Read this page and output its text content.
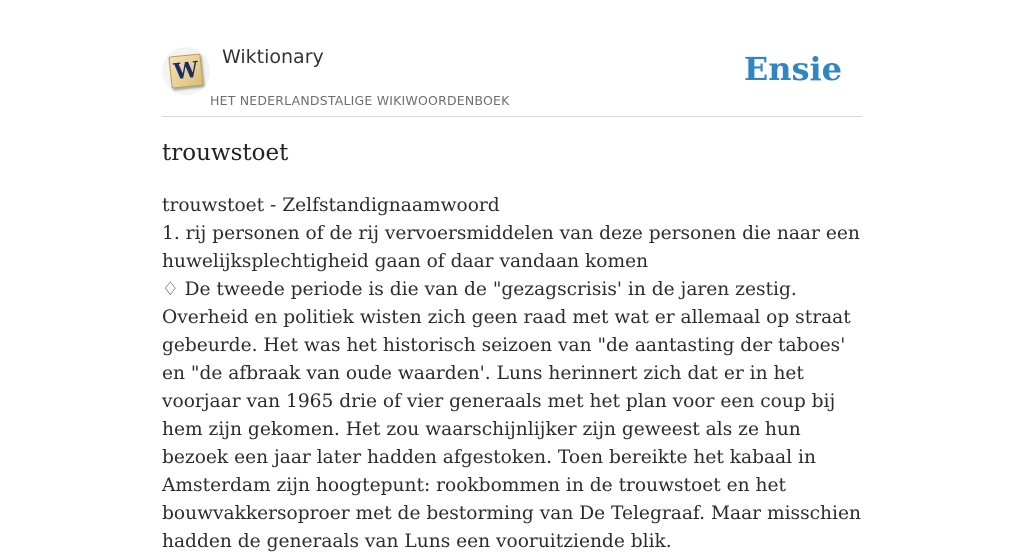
W Wiktionary
HET NEDERLANDSTALIGE WIKIWOORDENBOEK
Ensie
trouwstoet

trouwstoet - Zelfstandignaamwoord

1. rij personen of de rij vervoersmiddelen van deze personen die naar een huwelijksplechtigheid gaan of daar vandaan komen

♢ De tweede periode is die van de "gezagscrisis' in de jaren zestig. Overheid en politiek wisten zich geen raad met wat er allemaal op straat gebeurde. Het was het historisch seizoen van "de aantasting der taboes' en "de afbraak van oude waarden'. Luns herinnert zich dat er in het voorjaar van 1965 drie of vier generaals met het plan voor een coup bij hem zijn gekomen. Het zou waarschijnlijker zijn geweest als ze hun bezoek een jaar later hadden afgestoken. Toen bereikte het kabaal in Amsterdam zijn hoogtepunt: rookbommen in de trouwstoet en het bouwvakkersoproer met de bestorming van De Telegraaf. Maar misschien hadden de generaals van Luns een vooruitziende blik.
